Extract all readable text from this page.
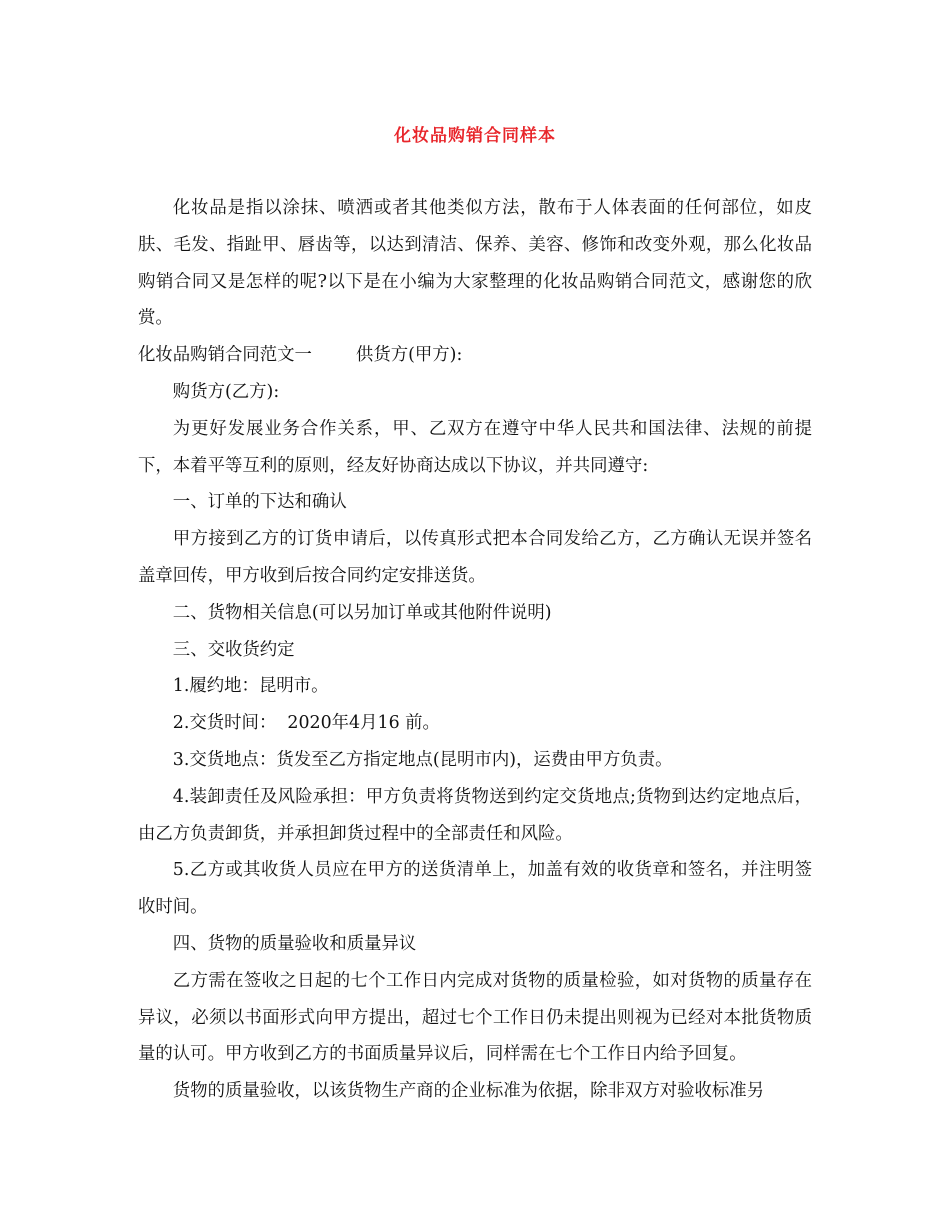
化妆品购销合同样本

化妆品是指以涂抹、喷洒或者其他类似方法，散布于人体表面的任何部位，如皮肤、毛发、指趾甲、唇齿等，以达到清洁、保养、美容、修饰和改变外观，那么化妆品购销合同又是怎样的呢?以下是在小编为大家整理的化妆品购销合同范文，感谢您的欣赏。

化妆品购销合同范文一	供货方(甲方):

购货方(乙方):

为更好发展业务合作关系，甲、乙双方在遵守中华人民共和国法律、法规的前提下，本着平等互利的原则，经友好协商达成以下协议，并共同遵守:

一、订单的下达和确认

甲方接到乙方的订货申请后，以传真形式把本合同发给乙方，乙方确认无误并签名盖章回传，甲方收到后按合同约定安排送货。

二、货物相关信息(可以另加订单或其他附件说明)

三、交收货约定

1.履约地：昆明市。

2.交货时间：  2020年4月16 前。

3.交货地点：货发至乙方指定地点(昆明市内)，运费由甲方负责。

4.装卸责任及风险承担：甲方负责将货物送到约定交货地点;货物到达约定地点后，由乙方负责卸货，并承担卸货过程中的全部责任和风险。

5.乙方或其收货人员应在甲方的送货清单上，加盖有效的收货章和签名，并注明签收时间。

四、货物的质量验收和质量异议

乙方需在签收之日起的七个工作日内完成对货物的质量检验，如对货物的质量存在异议，必须以书面形式向甲方提出，超过七个工作日仍未提出则视为已经对本批货物质量的认可。甲方收到乙方的书面质量异议后，同样需在七个工作日内给予回复。

货物的质量验收，以该货物生产商的企业标准为依据，除非双方对验收标准另
